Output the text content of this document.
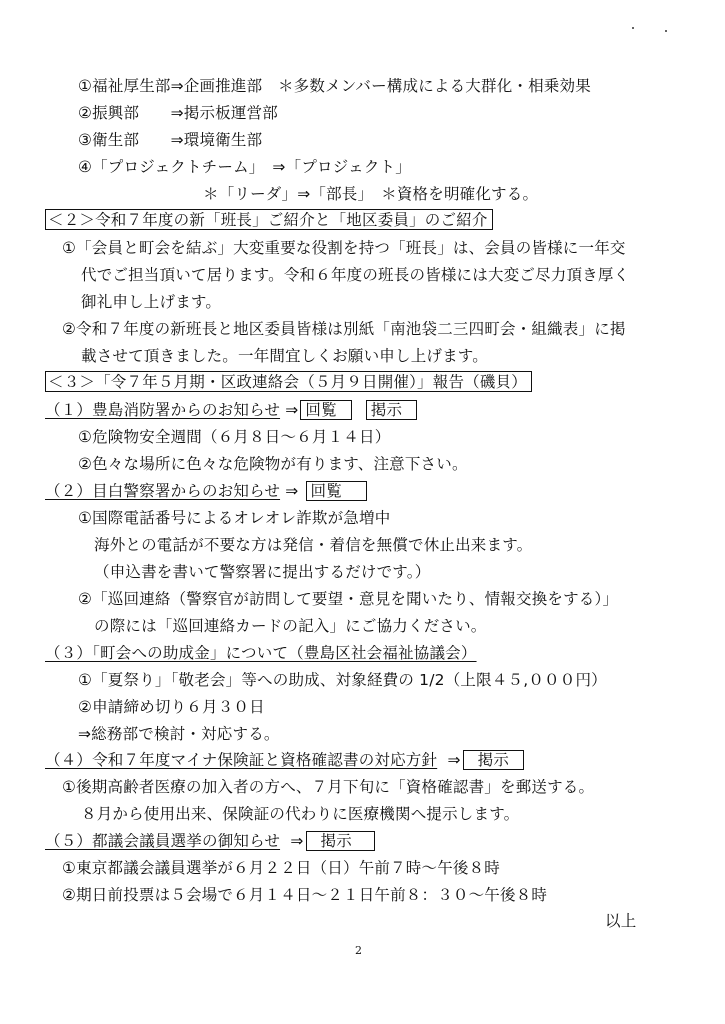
①福祉厚生部⇒企画推進部　＊多数メンバー構成による大群化・相乗効果
②振興部　　⇒掲示板運営部
③衛生部　　⇒環境衛生部
④「プロジェクトチーム」　⇒「プロジェクト」
＊「リーダ」⇒「部長」　＊資格を明確化する。
＜２＞令和７年度の新「班長」ご紹介と「地区委員」のご紹介
①「会員と町会を結ぶ」大変重要な役割を持つ「班長」は、会員の皆様に一年交
代でご担当頂いて居ります。令和６年度の班長の皆様には大変ご尽力頂き厚く
御礼申し上げます。
②令和７年度の新班長と地区委員皆様は別紙「南池袋二三四町会・組織表」に掲
載させて頂きました。一年間宜しくお願い申し上げます。
＜３＞「令７年５月期・区政連絡会（５月９日開催）」報告（磯貝）
（１）豊島消防署からのお知らせ ⇒ 回覧 掲示
①危険物安全週間（６月８日～６月１４日）
②色々な場所に色々な危険物が有ります、注意下さい。
（２）目白警察署からのお知らせ ⇒ 回覧
①国際電話番号によるオレオレ詐欺が急増中
海外との電話が不要な方は発信・着信を無償で休止出来ます。
（申込書を書いて警察署に提出するだけです。）
②「巡回連絡（警察官が訪問して要望・意見を聞いたり、情報交換をする）」
の際には「巡回連絡カードの記入」にご協力ください。
（３）「町会への助成金」について（豊島区社会福祉協議会）
①「夏祭り」「敬老会」等への助成、対象経費の 1/2（上限４５,０００円）
②申請締め切り６月３０日
⇒総務部で検討・対応する。
（４）令和７年度マイナ保険証と資格確認書の対応方針 ⇒ 掲示
①後期高齢者医療の加入者の方へ、７月下旬に「資格確認書」を郵送する。
８月から使用出来、保険証の代わりに医療機関へ提示します。
（５）都議会議員選挙の御知らせ ⇒ 掲示
①東京都議会議員選挙が６月２２日（日）午前７時～午後８時
②期日前投票は５会場で６月１４日～２１日午前８：３０～午後８時
以上
2
